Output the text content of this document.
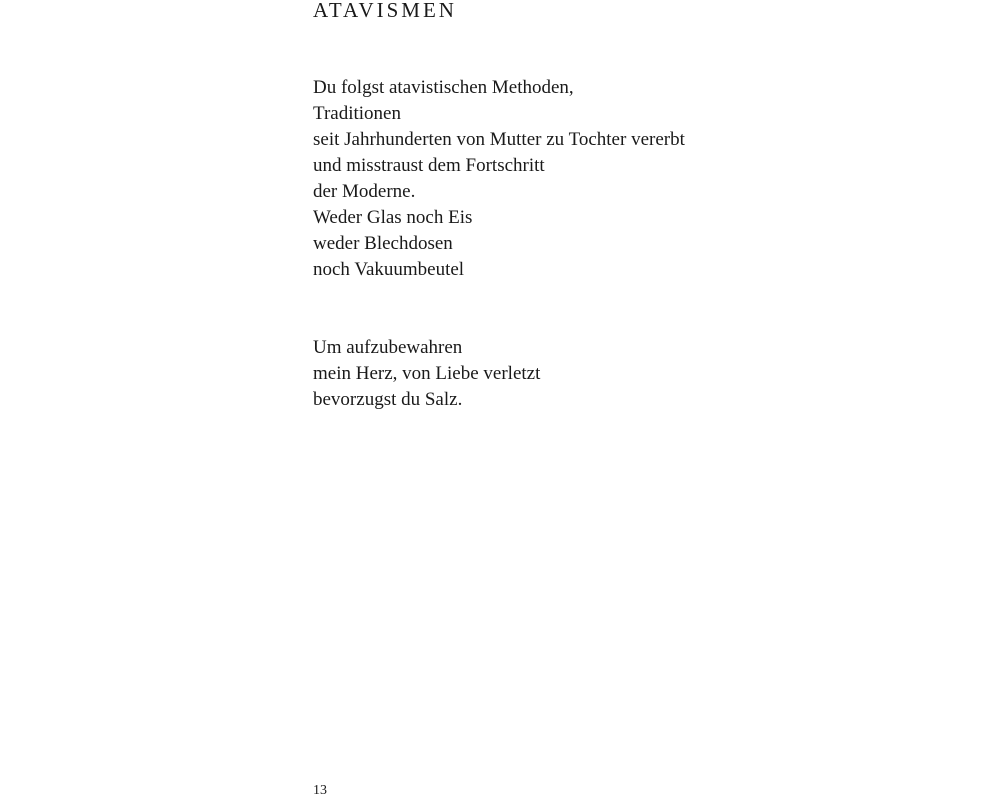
ATAVISMEN
Du folgst atavistischen Methoden,
Traditionen
seit Jahrhunderten von Mutter zu Tochter vererbt
und misstraust dem Fortschritt
der Moderne.
Weder Glas noch Eis
weder Blechdosen
noch Vakuumbeutel
Um aufzubewahren
mein Herz, von Liebe verletzt
bevorzugst du Salz.
13
